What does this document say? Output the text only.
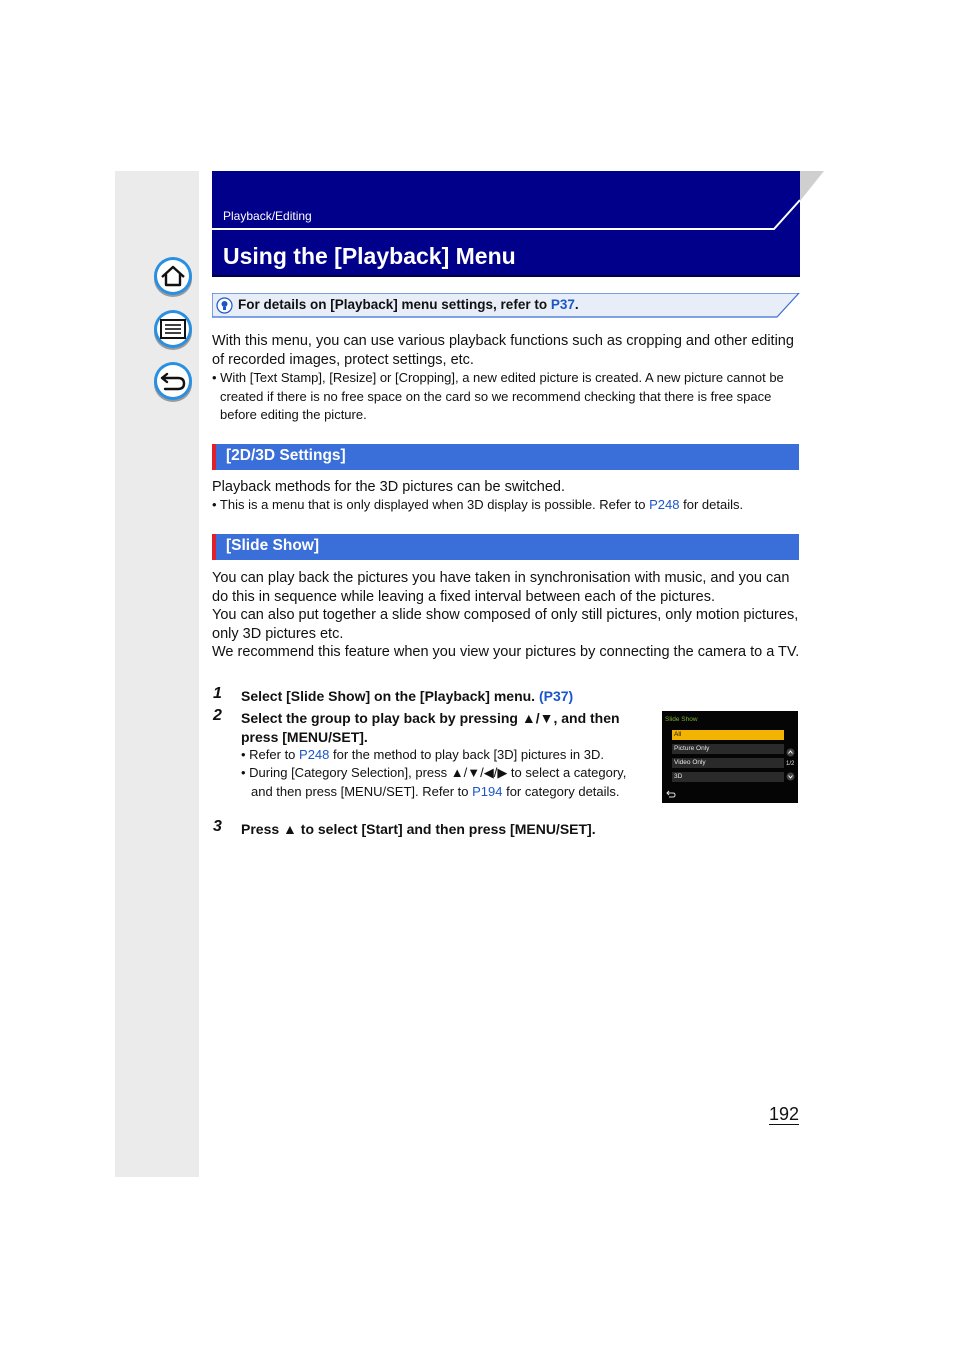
Playback/Editing
Using the [Playback] Menu
For details on [Playback] menu settings, refer to P37.

With this menu, you can use various playback functions such as cropping and other editing of recorded images, protect settings, etc.

• With [Text Stamp], [Resize] or [Cropping], a new edited picture is created. A new picture cannot be created if there is no free space on the card so we recommend checking that there is free space before editing the picture.

[2D/3D Settings]

Playback methods for the 3D pictures can be switched.

• This is a menu that is only displayed when 3D display is possible. Refer to P248 for details.

[Slide Show]

You can play back the pictures you have taken in synchronisation with music, and you can do this in sequence while leaving a fixed interval between each of the pictures.

You can also put together a slide show composed of only still pictures, only motion pictures, only 3D pictures etc.

We recommend this feature when you view your pictures by connecting the camera to a TV.

1 Select [Slide Show] on the [Playback] menu. (P37)

2 Select the group to play back by pressing ▲/▼, and then press [MENU/SET].

• Refer to P248 for the method to play back [3D] pictures in 3D.

• During [Category Selection], press ▲/▼/◀/▶ to select a category, and then press [MENU/SET]. Refer to P194 for category details.

3 Press ▲ to select [Start] and then press [MENU/SET].

Slide Show
All
Picture Only
Video Only
3D
1/2
192
